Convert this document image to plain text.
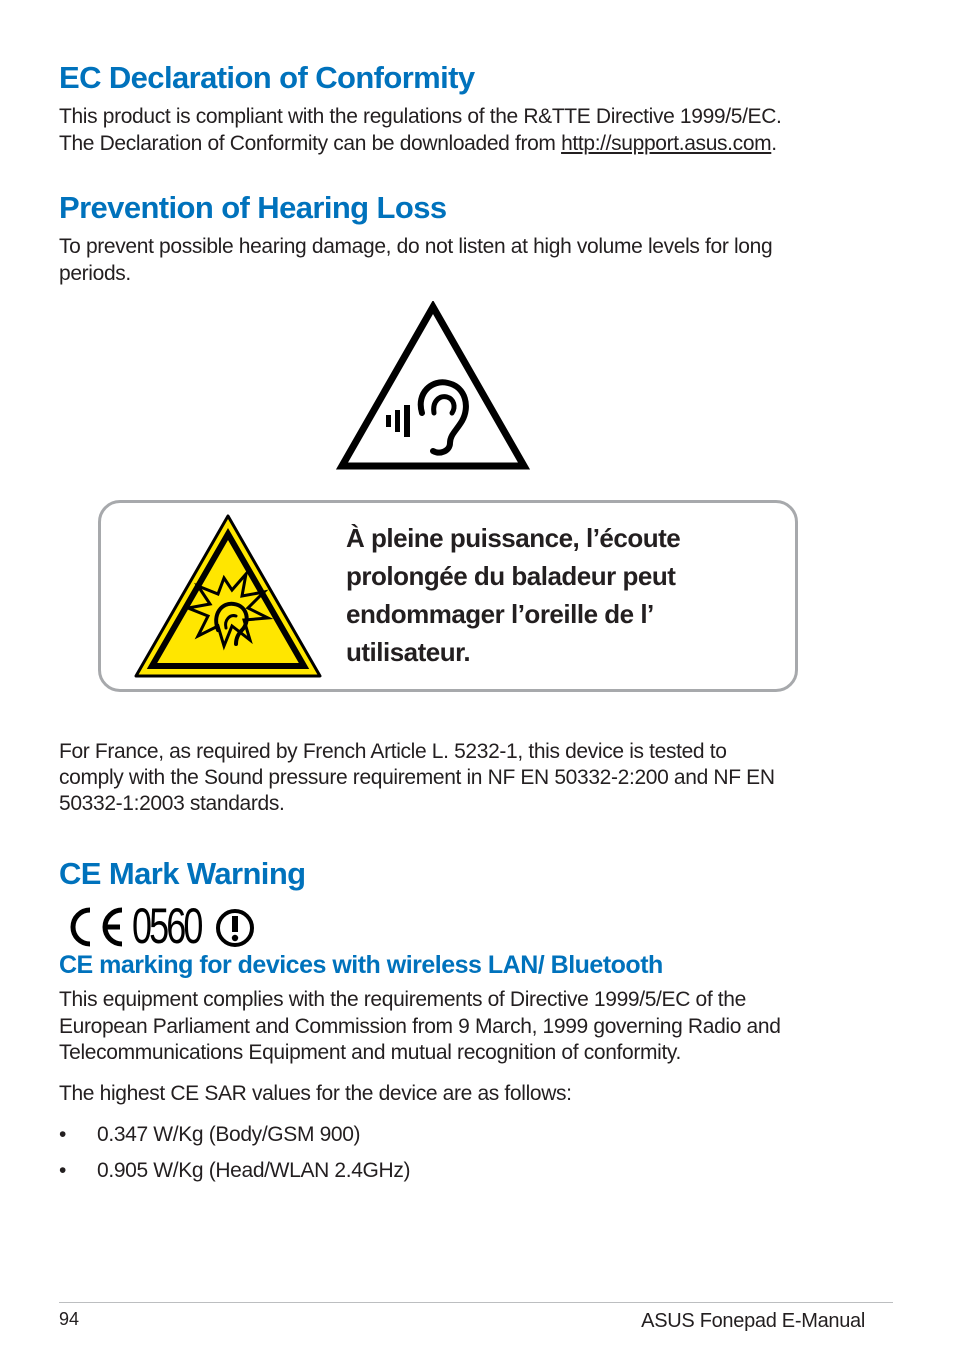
EC Declaration of Conformity

This product is compliant with the regulations of the R&TTE Directive 1999/5/EC.
The Declaration of Conformity can be downloaded from http://support.asus.com.

Prevention of Hearing Loss

To prevent possible hearing damage, do not listen at high volume levels for long
periods.

À pleine puissance, l’écoute
prolongée du baladeur peut
endommager l’oreille de l’
utilisateur.

For France, as required by French Article L. 5232-1, this device is tested to
comply with the Sound pressure requirement in NF EN 50332-2:200 and NF EN
50332-1:2003 standards.

CE Mark Warning
0560
CE marking for devices with wireless LAN/ Bluetooth

This equipment complies with the requirements of Directive 1999/5/EC of the
European Parliament and Commission from 9 March, 1999 governing Radio and
Telecommunications Equipment and mutual recognition of conformity.

The highest CE SAR values for the device are as follows:

• 0.347 W/Kg (Body/GSM 900)
• 0.905 W/Kg (Head/WLAN 2.4GHz)
94	ASUS Fonepad E-Manual
